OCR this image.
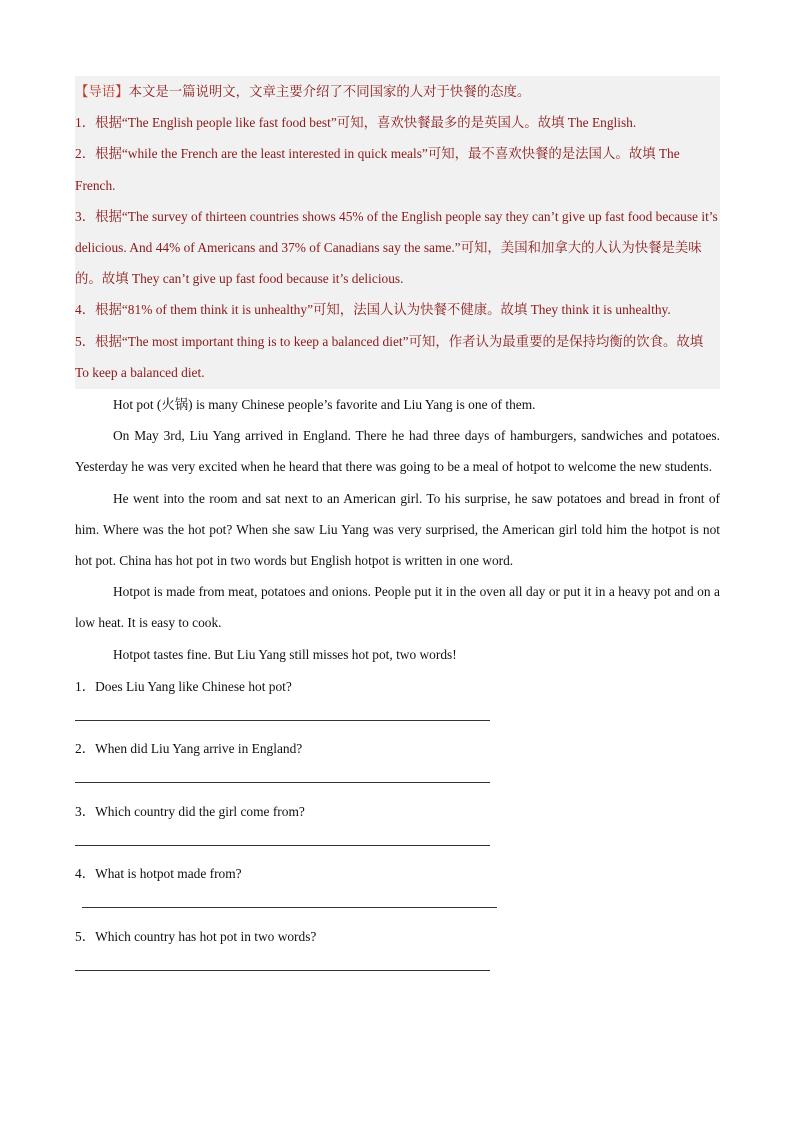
【导语】本文是一篇说明文，文章主要介绍了不同国家的人对于快餐的态度。
1．根据“The English people like fast food best”可知，喜欢快餐最多的是英国人。故填 The English.
2．根据“while the French are the least interested in quick meals”可知，最不喜欢快餐的是法国人。故填 The French.
3．根据“The survey of thirteen countries shows 45% of the English people say they can’t give up fast food because it’s delicious. And 44% of Americans and 37% of Canadians say the same.”可知，美国和加拿大的人认为快餐是美味的。故填 They can’t give up fast food because it’s delicious.
4．根据“81% of them think it is unhealthy”可知，法国人认为快餐不健康。故填 They think it is unhealthy.
5．根据“The most important thing is to keep a balanced diet”可知，作者认为最重要的是保持均衡的饮食。故填 To keep a balanced diet.

Hot pot (火锅) is many Chinese people’s favorite and Liu Yang is one of them.

On May 3rd, Liu Yang arrived in England. There he had three days of hamburgers, sandwiches and potatoes. Yesterday he was very excited when he heard that there was going to be a meal of hotpot to welcome the new students.

He went into the room and sat next to an American girl. To his surprise, he saw potatoes and bread in front of him. Where was the hot pot? When she saw Liu Yang was very surprised, the American girl told him the hotpot is not hot pot. China has hot pot in two words but English hotpot is written in one word.

Hotpot is made from meat, potatoes and onions. People put it in the oven all day or put it in a heavy pot and on a low heat. It is easy to cook.

Hotpot tastes fine. But Liu Yang still misses hot pot, two words!

1．Does Liu Yang like Chinese hot pot?
2．When did Liu Yang arrive in England?
3．Which country did the girl come from?
4．What is hotpot made from?
5．Which country has hot pot in two words?
